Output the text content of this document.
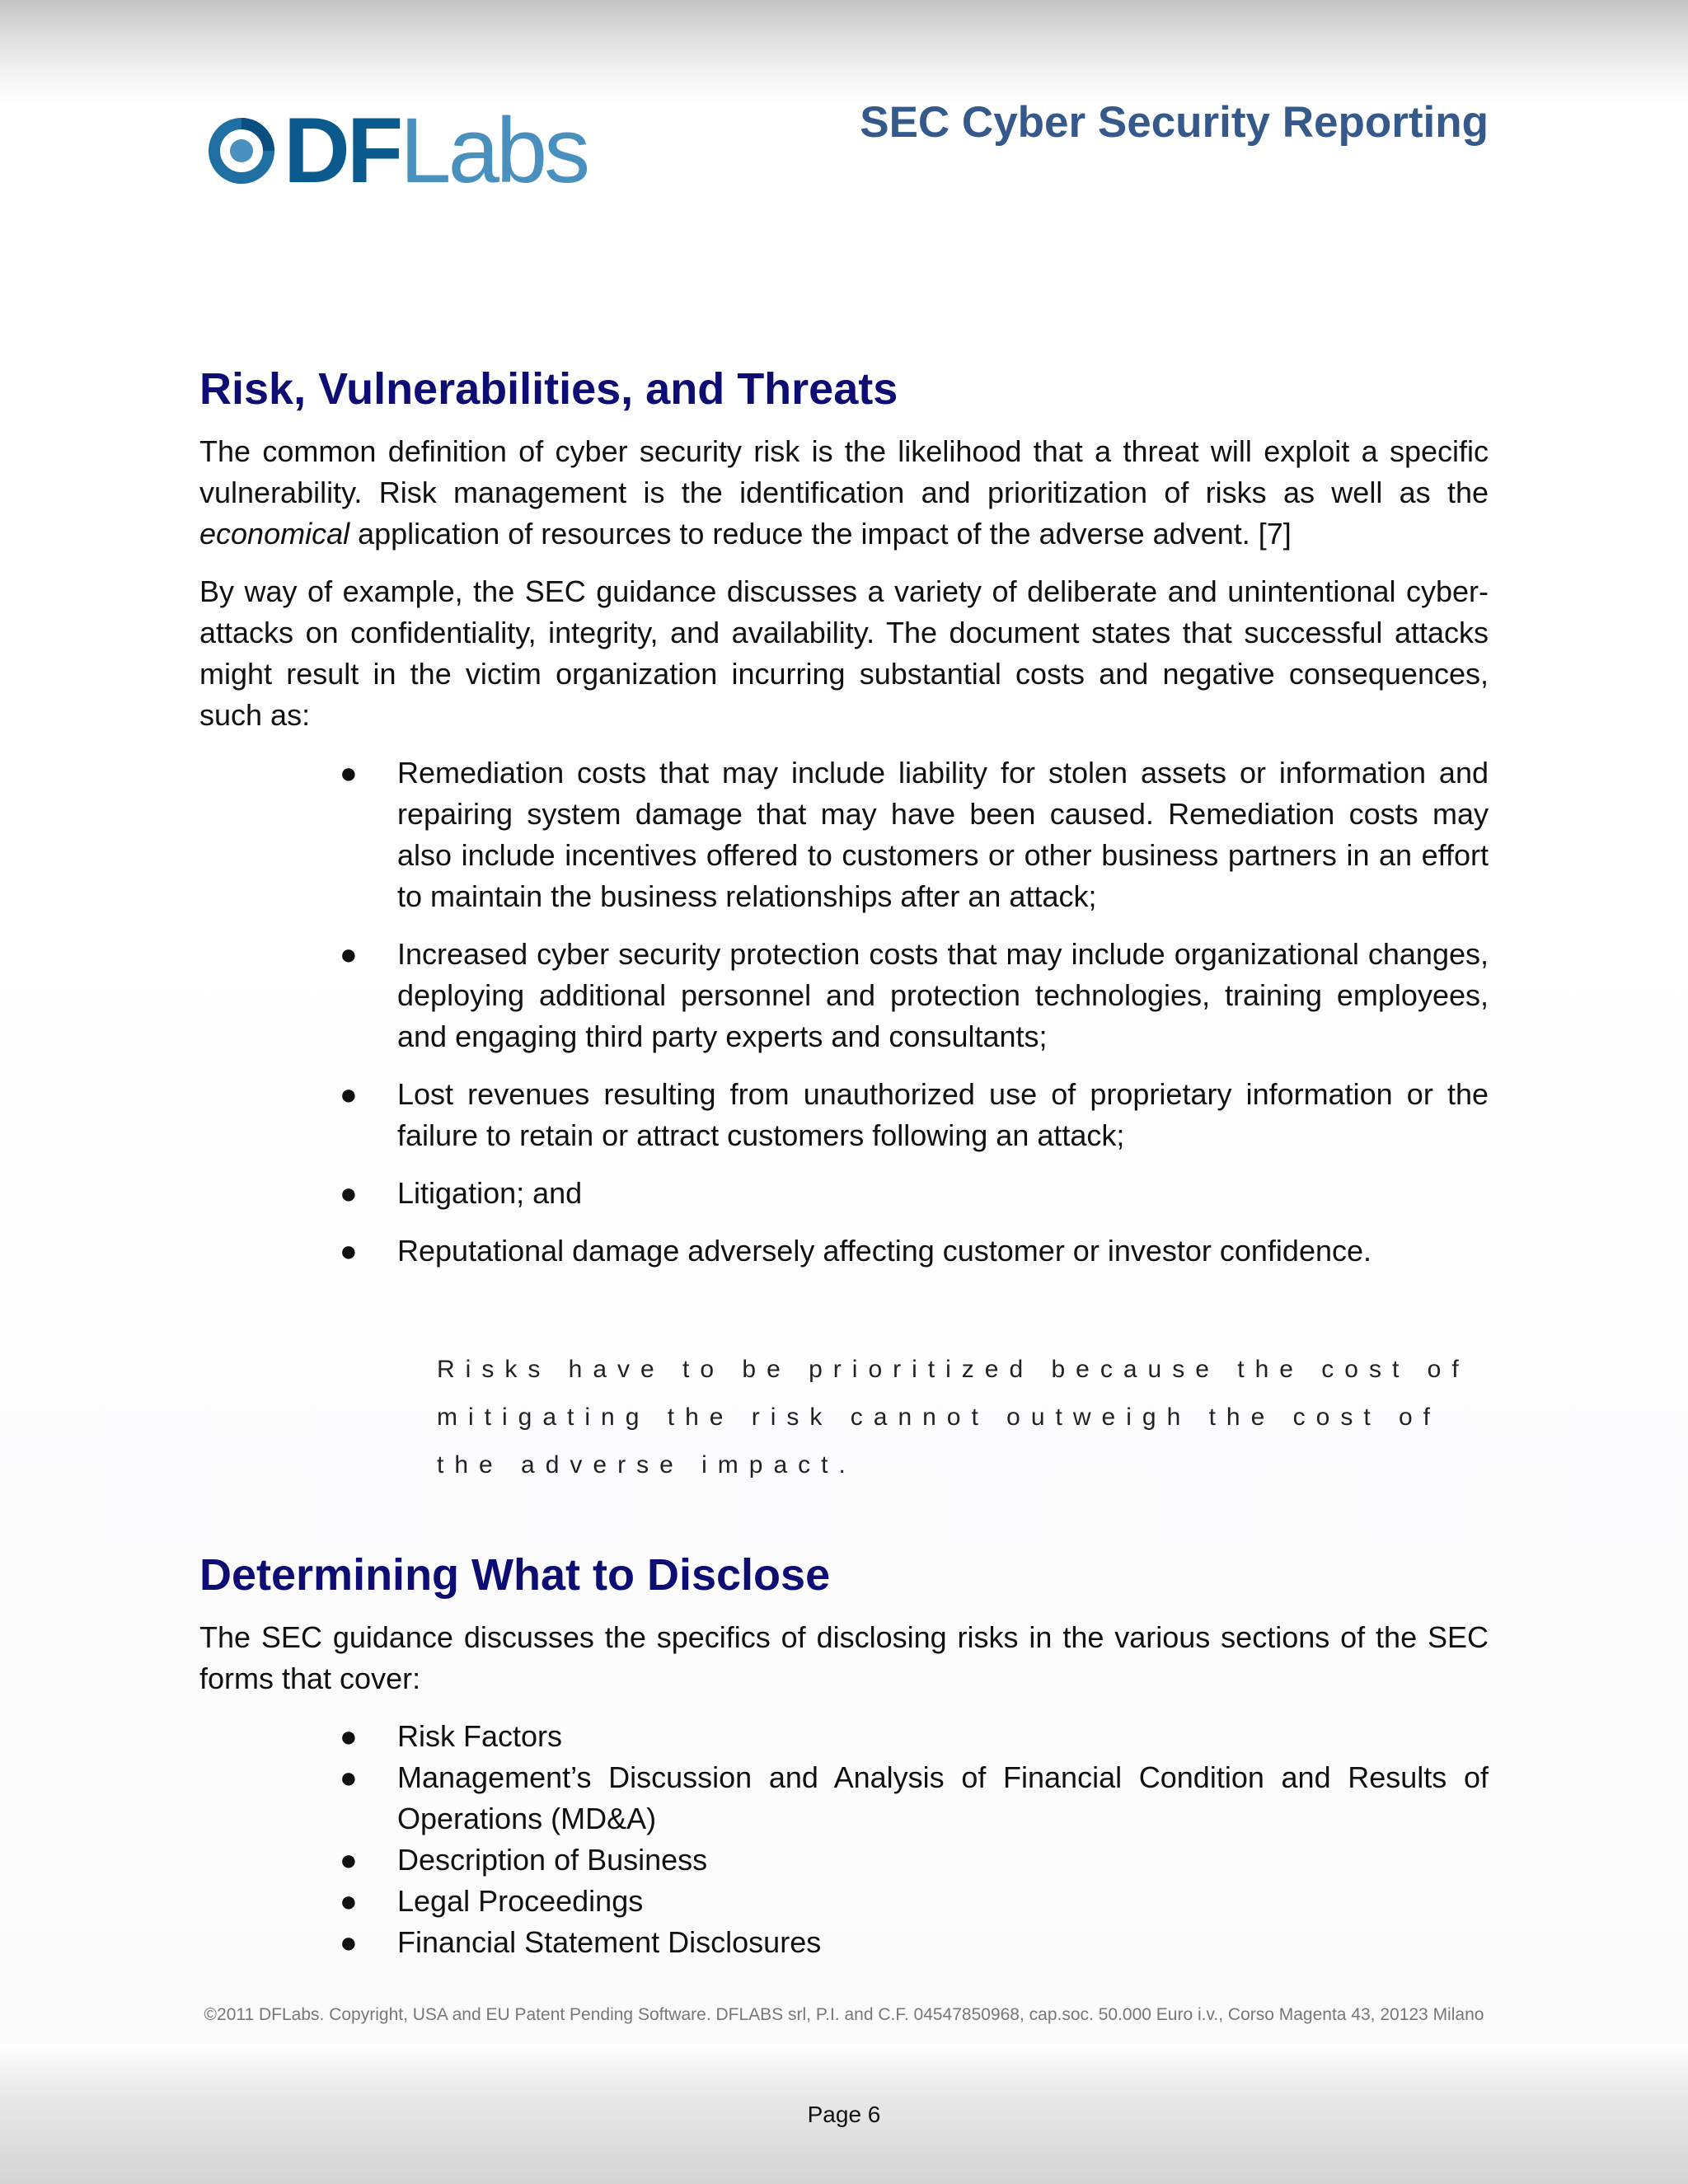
DFLabs	SEC Cyber Security Reporting
Risk, Vulnerabilities, and Threats

The common definition of cyber security risk is the likelihood that a threat will exploit a specific vulnerability. Risk management is the identification and prioritization of risks as well as the economical application of resources to reduce the impact of the adverse advent. [7]

By way of example, the SEC guidance discusses a variety of deliberate and unintentional cyber-attacks on confidentiality, integrity, and availability. The document states that successful attacks might result in the victim organization incurring substantial costs and negative consequences, such as:

● Remediation costs that may include liability for stolen assets or information and repairing system damage that may have been caused. Remediation costs may also include incentives offered to customers or other business partners in an effort to maintain the business relationships after an attack;
● Increased cyber security protection costs that may include organizational changes, deploying additional personnel and protection technologies, training employees, and engaging third party experts and consultants;
● Lost revenues resulting from unauthorized use of proprietary information or the failure to retain or attract customers following an attack;
● Litigation; and
● Reputational damage adversely affecting customer or investor confidence.
Risks have to be prioritized because the cost of mitigating the risk cannot outweigh the cost of the adverse impact.
Determining What to Disclose

The SEC guidance discusses the specifics of disclosing risks in the various sections of the SEC forms that cover:

● Risk Factors
● Management’s Discussion and Analysis of Financial Condition and Results of Operations (MD&A)
● Description of Business
● Legal Proceedings
● Financial Statement Disclosures
©2011 DFLabs. Copyright, USA and EU Patent Pending Software. DFLABS srl, P.I. and C.F. 04547850968, cap.soc. 50.000 Euro i.v., Corso Magenta 43, 20123 Milano
Page 6
